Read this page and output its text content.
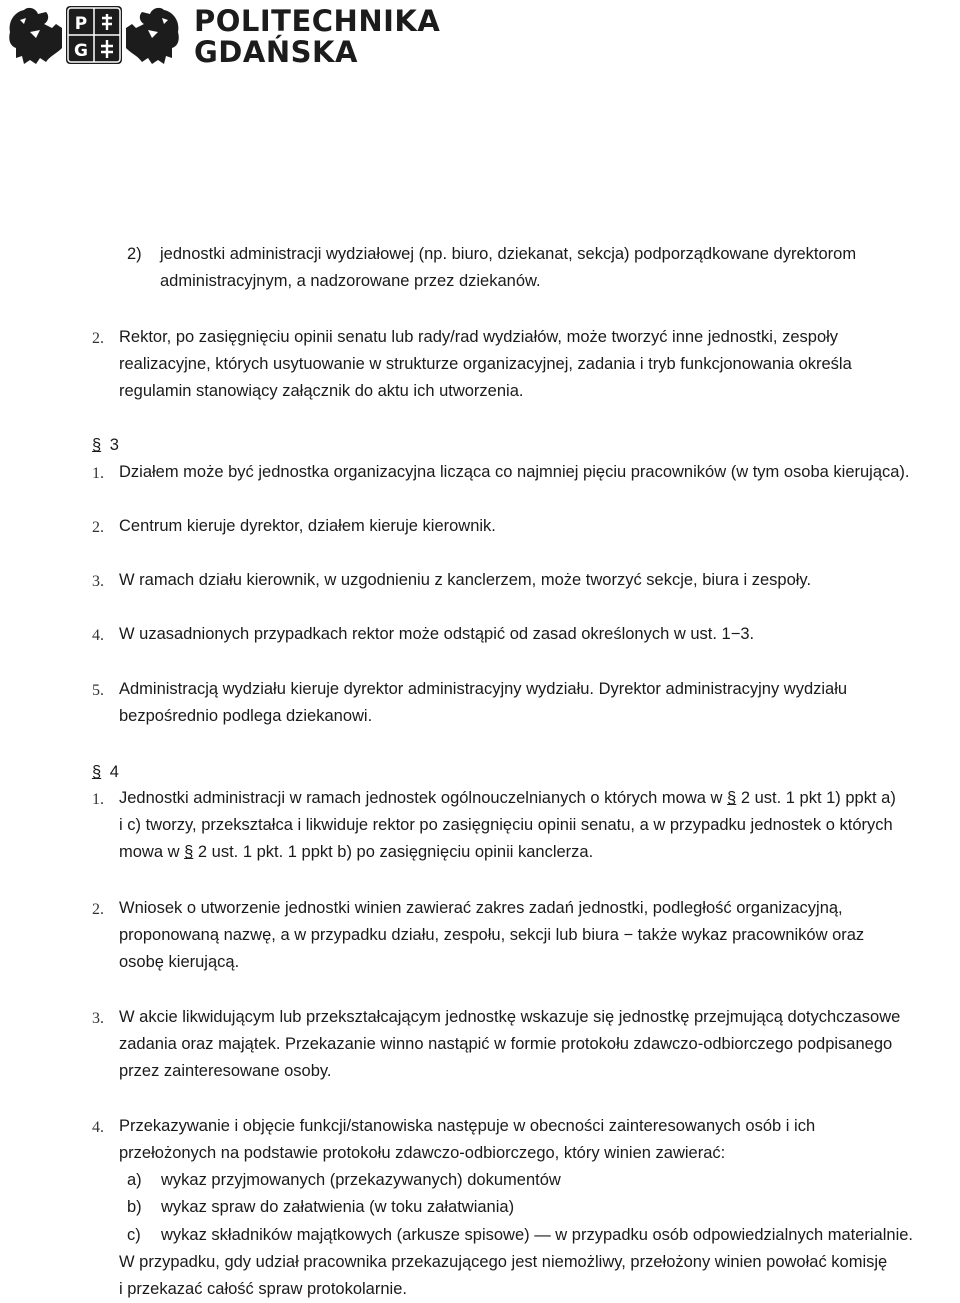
P
G
POLITECHNIKA
GDAŃSKA
2) jednostki administracji wydziałowej (np. biuro, dziekanat, sekcja) podporządkowane dyrektorom
administracyjnym, a nadzorowane przez dziekanów.
2. Rektor, po zasięgnięciu opinii senatu lub rady/rad wydziałów, może tworzyć inne jednostki, zespoły
realizacyjne, których usytuowanie w strukturze organizacyjnej, zadania i tryb funkcjonowania określa
regulamin stanowiący załącznik do aktu ich utworzenia.
§ 3
1. Działem może być jednostka organizacyjna licząca co najmniej pięciu pracowników (w tym osoba kierująca).
2. Centrum kieruje dyrektor, działem kieruje kierownik.
3. W ramach działu kierownik, w uzgodnieniu z kanclerzem, może tworzyć sekcje, biura i zespoły.
4. W uzasadnionych przypadkach rektor może odstąpić od zasad określonych w ust. 1−3.
5. Administracją wydziału kieruje dyrektor administracyjny wydziału. Dyrektor administracyjny wydziału
bezpośrednio podlega dziekanowi.
§ 4
1. Jednostki administracji w ramach jednostek ogólnouczelnianych o których mowa w § 2 ust. 1 pkt 1) ppkt a)
i c) tworzy, przekształca i likwiduje rektor po zasięgnięciu opinii senatu, a w przypadku jednostek o których
mowa w § 2 ust. 1 pkt. 1 ppkt b) po zasięgnięciu opinii kanclerza.
2. Wniosek o utworzenie jednostki winien zawierać zakres zadań jednostki, podległość organizacyjną,
proponowaną nazwę, a w przypadku działu, zespołu, sekcji lub biura − także wykaz pracowników oraz
osobę kierującą.
3. W akcie likwidującym lub przekształcającym jednostkę wskazuje się jednostkę przejmującą dotychczasowe
zadania oraz majątek. Przekazanie winno nastąpić w formie protokołu zdawczo-odbiorczego podpisanego
przez zainteresowane osoby.
4. Przekazywanie i objęcie funkcji/stanowiska następuje w obecności zainteresowanych osób i ich
przełożonych na podstawie protokołu zdawczo-odbiorczego, który winien zawierać:
a) wykaz przyjmowanych (przekazywanych) dokumentów
b) wykaz spraw do załatwienia (w toku załatwiania)
c) wykaz składników majątkowych (arkusze spisowe) — w przypadku osób odpowiedzialnych materialnie.
W przypadku, gdy udział pracownika przekazującego jest niemożliwy, przełożony winien powołać komisję
i przekazać całość spraw protokolarnie.
